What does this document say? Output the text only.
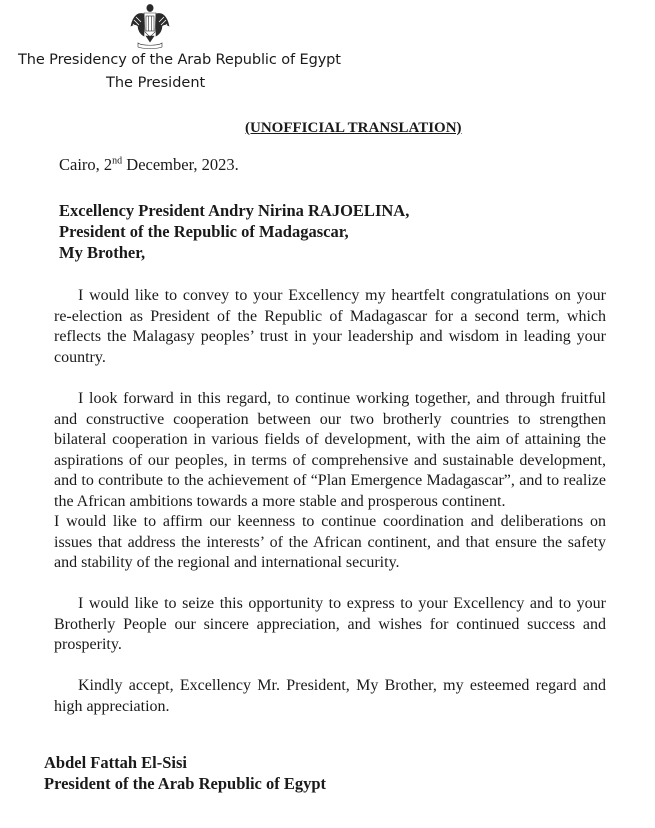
The Presidency of the Arab Republic of Egypt
The President
(UNOFFICIAL TRANSLATION)
Cairo, 2nd December, 2023.
Excellency President Andry Nirina RAJOELINA,
President of the Republic of Madagascar,
My Brother,
I would like to convey to your Excellency my heartfelt congratulations on your re-election as President of the Republic of Madagascar for a second term, which reflects the Malagasy peoples’ trust in your leadership and wisdom in leading your country.
I look forward in this regard, to continue working together, and through fruitful and constructive cooperation between our two brotherly countries to strengthen bilateral cooperation in various fields of development, with the aim of attaining the aspirations of our peoples, in terms of comprehensive and sustainable development, and to contribute to the achievement of “Plan Emergence Madagascar”, and to realize the African ambitions towards a more stable and prosperous continent.
I would like to affirm our keenness to continue coordination and deliberations on issues that address the interests’ of the African continent, and that ensure the safety and stability of the regional and international security.
I would like to seize this opportunity to express to your Excellency and to your Brotherly People our sincere appreciation, and wishes for continued success and prosperity.
Kindly accept, Excellency Mr. President, My Brother, my esteemed regard and high appreciation.
Abdel Fattah El-Sisi
President of the Arab Republic of Egypt
